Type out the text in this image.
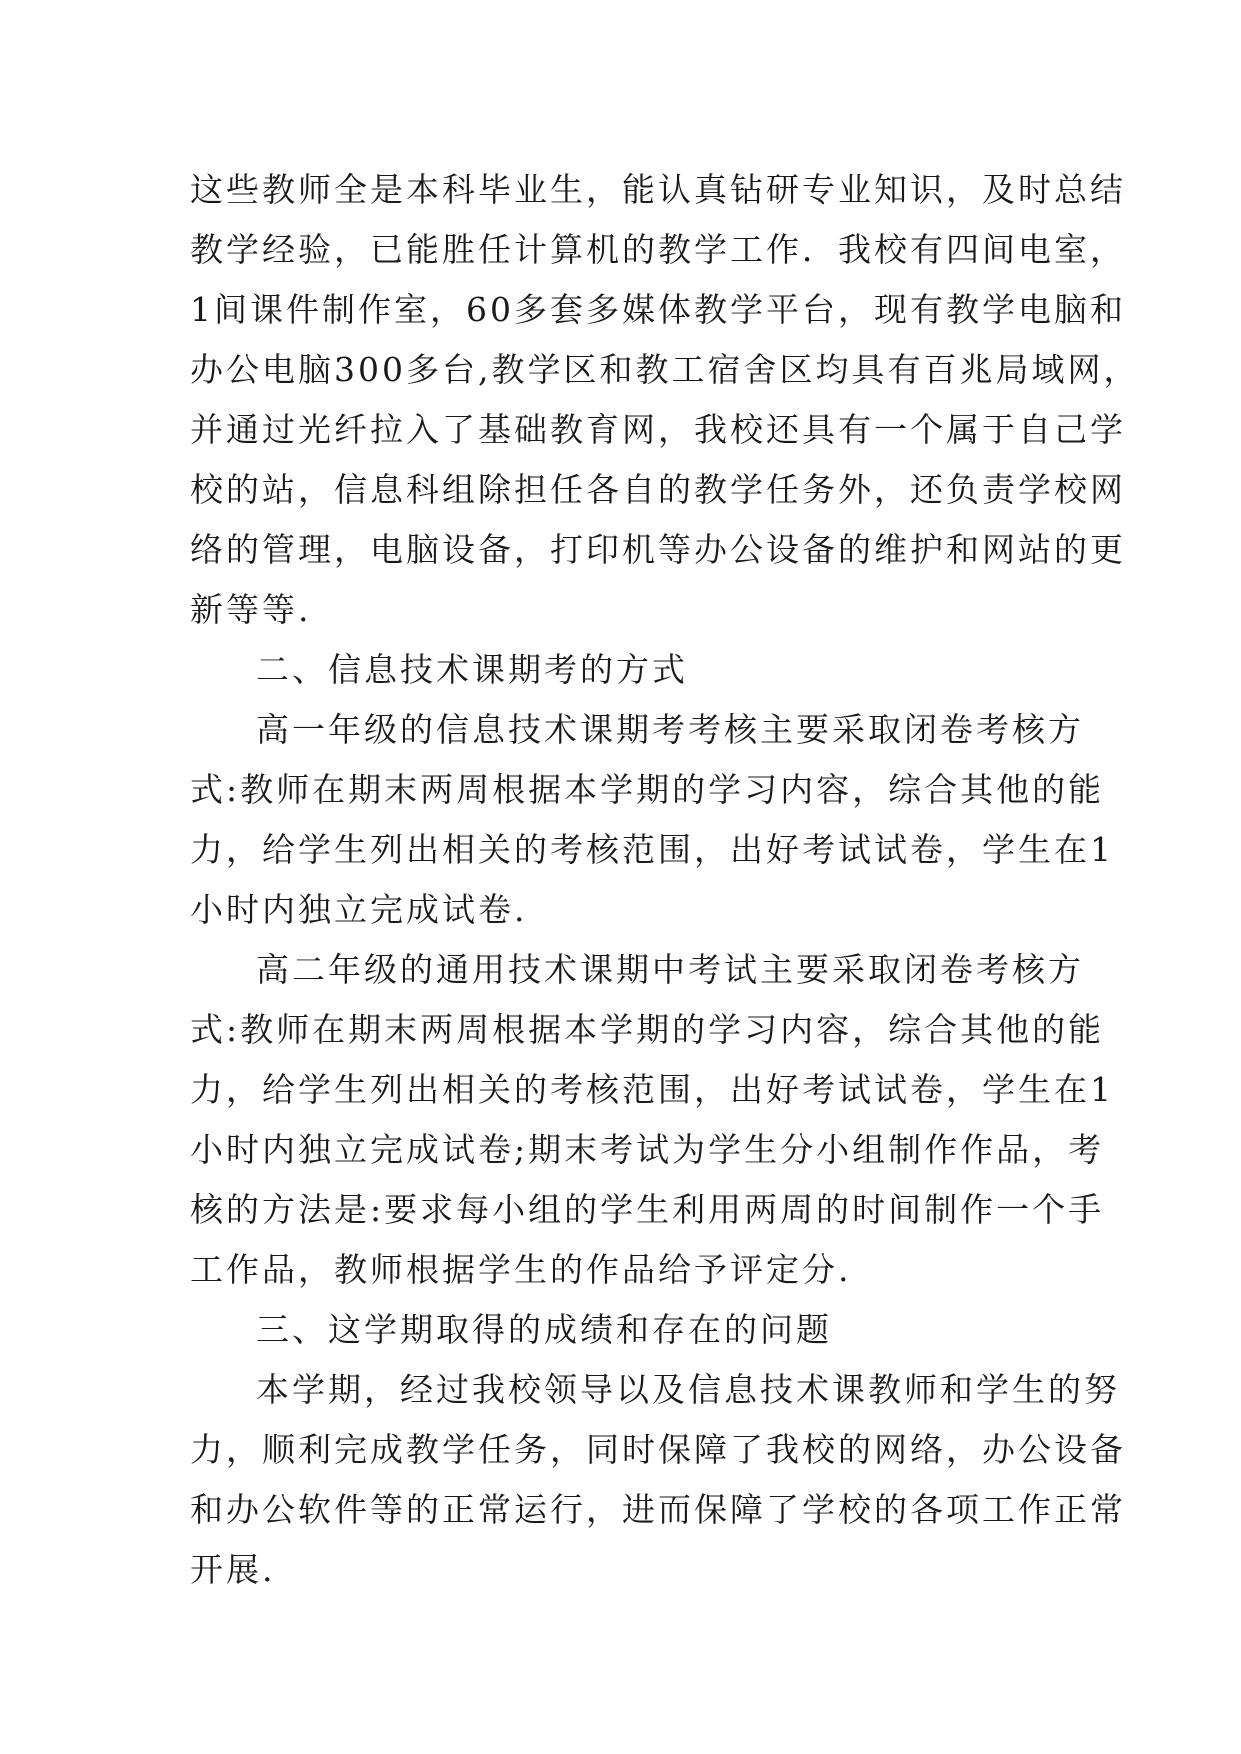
这些教师全是本科毕业生，能认真钻研专业知识，及时总结
教学经验，已能胜任计算机的教学工作．我校有四间电室，
1间课件制作室，60多套多媒体教学平台，现有教学电脑和
办公电脑300多台,教学区和教工宿舍区均具有百兆局域网，
并通过光纤拉入了基础教育网，我校还具有一个属于自己学
校的站，信息科组除担任各自的教学任务外，还负责学校网
络的管理，电脑设备，打印机等办公设备的维护和网站的更
新等等.
二、信息技术课期考的方式
高一年级的信息技术课期考考核主要采取闭卷考核方
式:教师在期末两周根据本学期的学习内容，综合其他的能
力，给学生列出相关的考核范围，出好考试试卷，学生在1
小时内独立完成试卷.
高二年级的通用技术课期中考试主要采取闭卷考核方
式:教师在期末两周根据本学期的学习内容，综合其他的能
力，给学生列出相关的考核范围，出好考试试卷，学生在1
小时内独立完成试卷;期末考试为学生分小组制作作品，考
核的方法是:要求每小组的学生利用两周的时间制作一个手
工作品，教师根据学生的作品给予评定分.
三、这学期取得的成绩和存在的问题
本学期，经过我校领导以及信息技术课教师和学生的努
力，顺利完成教学任务，同时保障了我校的网络，办公设备
和办公软件等的正常运行，进而保障了学校的各项工作正常
开展.
